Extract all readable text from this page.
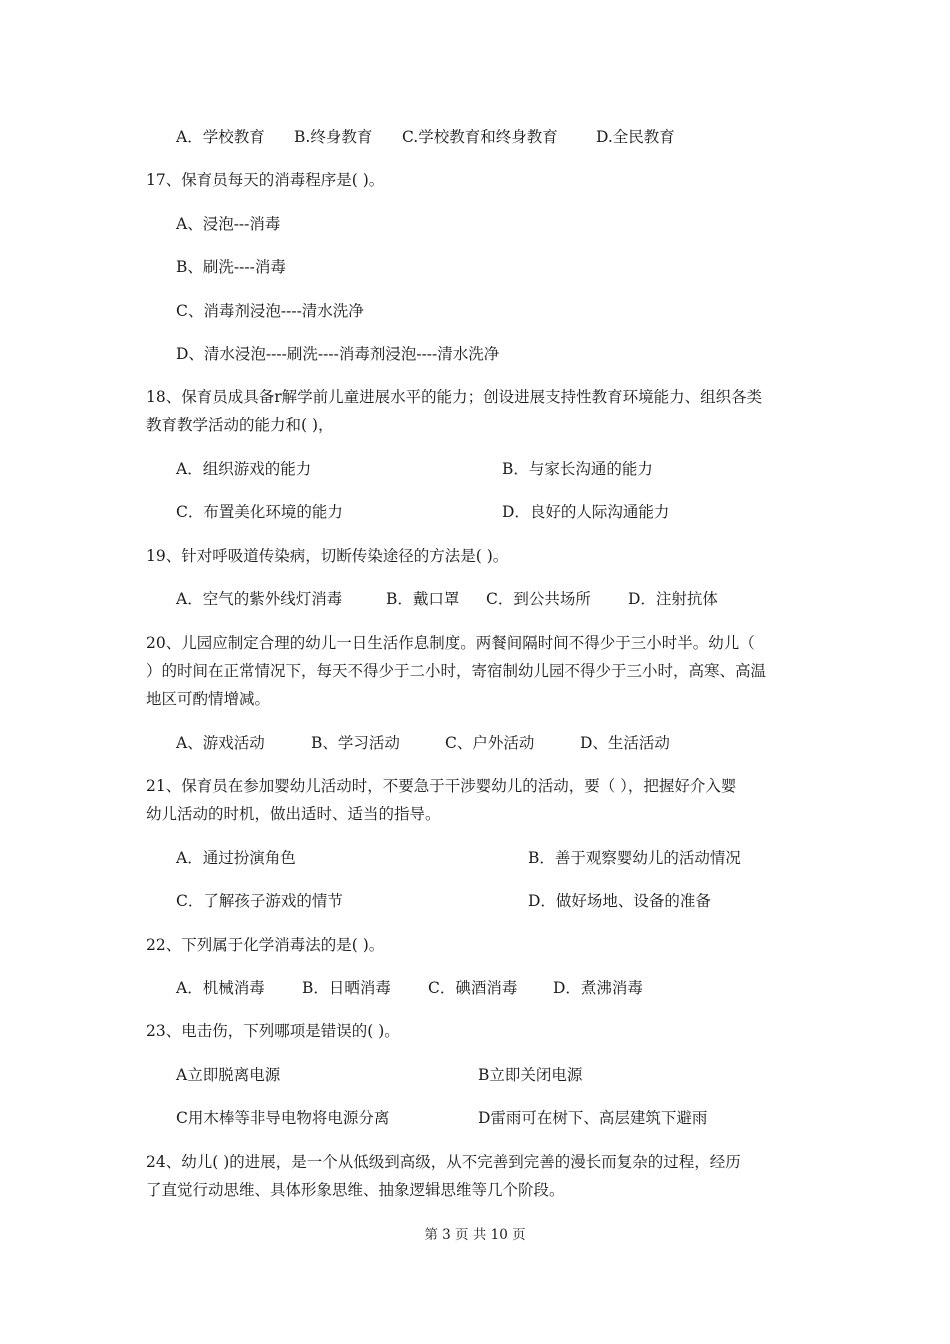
A．学校教育 B.终身教育 C.学校教育和终身教育 D.全民教育
17、保育员每天的消毒程序是( )。
A、浸泡---消毒
B、刷洗----消毒
C、消毒剂浸泡----清水洗净
D、清水浸泡----刷洗----消毒剂浸泡----清水洗净
18、保育员成具备r解学前儿童进展水平的能力；创设进展支持性教育环境能力、组织各类
教育教学活动的能力和( )，
A．组织游戏的能力	B．与家长沟通的能力
C．布置美化环境的能力	D．良好的人际沟通能力
19、针对呼吸道传染病，切断传染途径的方法是( )。
A．空气的紫外线灯消毒	B．戴口罩 C．到公共场所 D．注射抗体
20、儿园应制定合理的幼儿一日生活作息制度。两餐间隔时间不得少于三小时半。幼儿（
）的时间在正常情况下，每天不得少于二小时，寄宿制幼儿园不得少于三小时，高寒、高温
地区可酌情增减。
A、游戏活动	B、学习活动	C、户外活动	D、生活活动
21、保育员在参加婴幼儿活动时，不要急于干涉婴幼儿的活动，要（ ），把握好介入婴
幼儿活动的时机，做出适时、适当的指导。
A．通过扮演角色	B．善于观察婴幼儿的活动情况
C．了解孩子游戏的情节	D．做好场地、设备的准备
22、下列属于化学消毒法的是( )。
A．机械消毒 B．日晒消毒 C．碘酒消毒 D．煮沸消毒
23、电击伤，下列哪项是错误的( )。
A立即脱离电源	B立即关闭电源
C用木棒等非导电物将电源分离	D雷雨可在树下、高层建筑下避雨
24、幼儿( )的进展，是一个从低级到高级，从不完善到完善的漫长而复杂的过程，经历
了直觉行动思维、具体形象思维、抽象逻辑思维等几个阶段。
第 3 页 共 10 页
